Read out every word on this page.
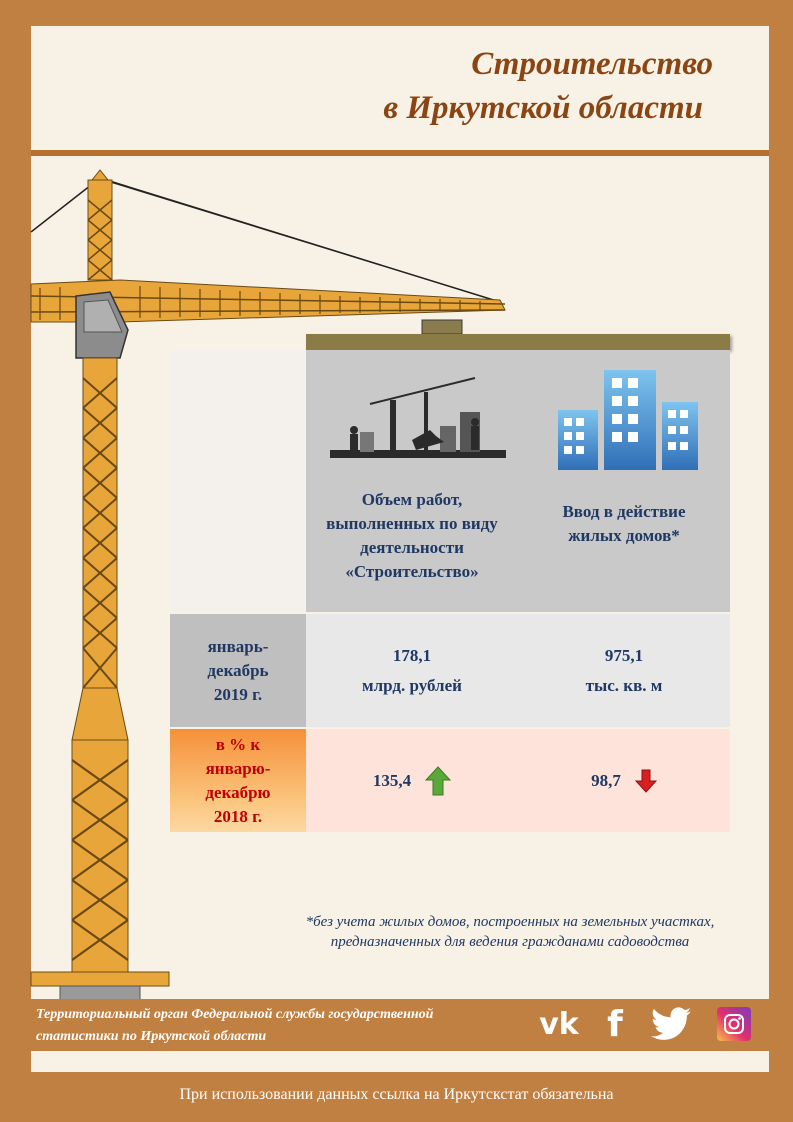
Строительство
в Иркутской области
Объем работ, выполненных по виду деятельности «Строительство»
Ввод в действие жилых домов*
январь-декабрь 2019 г.
178,1
млрд. рублей
975,1
тыс. кв. м
в % к январю-декабрю 2018 г.
135,4	98,7
*без учета жилых домов, построенных на земельных участках, предназначенных для ведения гражданами садоводства
Территориальный орган Федеральной службы государственной статистики по Иркутской области	vk f
При использовании данных ссылка на Иркутскстат обязательна
